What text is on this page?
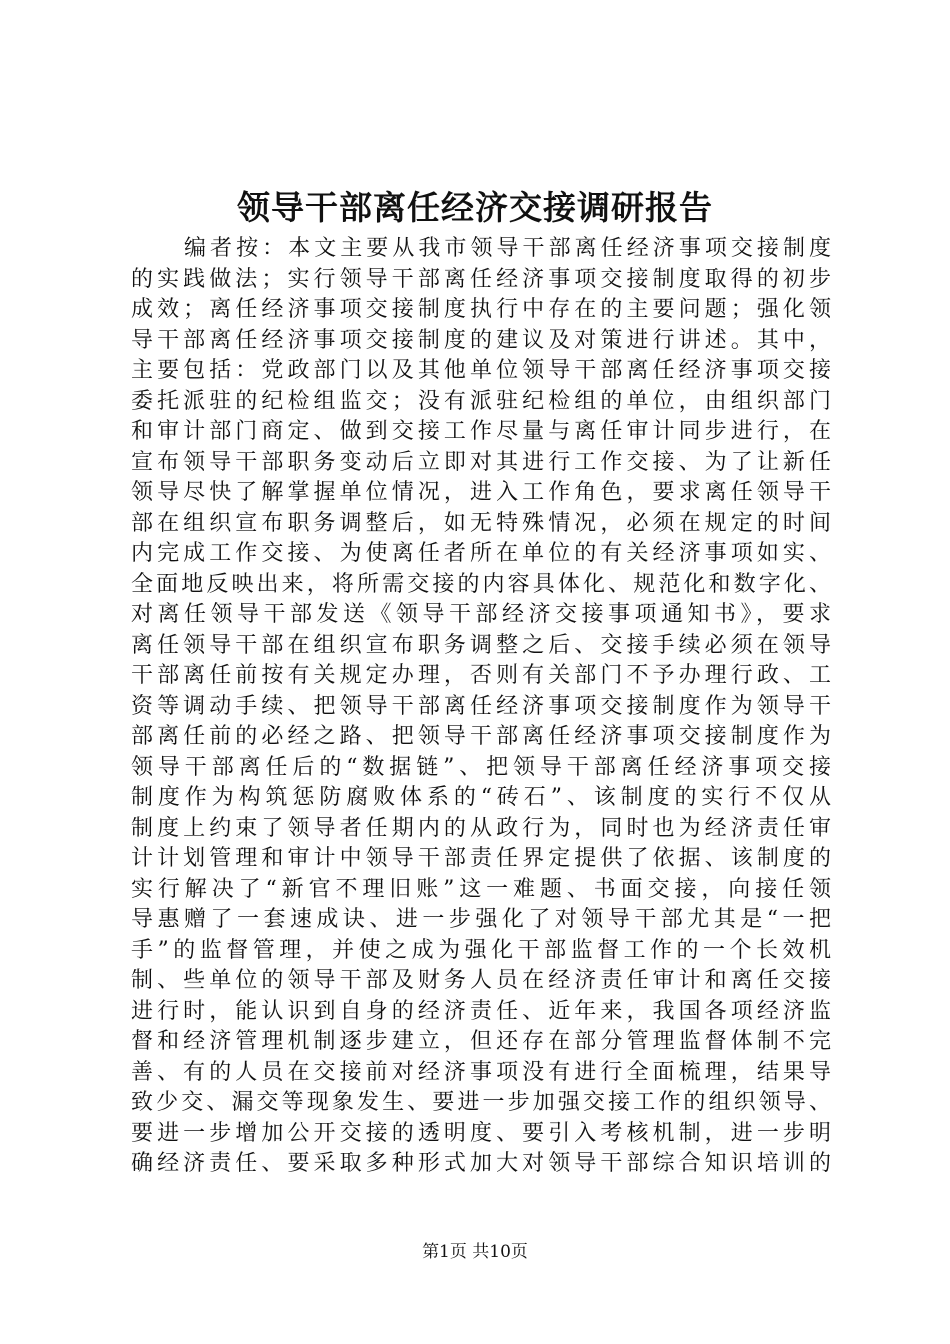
领导干部离任经济交接调研报告
编者按：本文主要从我市领导干部离任经济事项交接制度
的实践做法；实行领导干部离任经济事项交接制度取得的初步
成效；离任经济事项交接制度执行中存在的主要问题；强化领
导干部离任经济事项交接制度的建议及对策进行讲述。其中，
主要包括：党政部门以及其他单位领导干部离任经济事项交接
委托派驻的纪检组监交；没有派驻纪检组的单位，由组织部门
和审计部门商定、做到交接工作尽量与离任审计同步进行，在
宣布领导干部职务变动后立即对其进行工作交接、为了让新任
领导尽快了解掌握单位情况，进入工作角色，要求离任领导干
部在组织宣布职务调整后，如无特殊情况，必须在规定的时间
内完成工作交接、为使离任者所在单位的有关经济事项如实、
全面地反映出来，将所需交接的内容具体化、规范化和数字化、
对离任领导干部发送《领导干部经济交接事项通知书》，要求
离任领导干部在组织宣布职务调整之后、交接手续必须在领导
干部离任前按有关规定办理，否则有关部门不予办理行政、工
资等调动手续、把领导干部离任经济事项交接制度作为领导干
部离任前的必经之路、把领导干部离任经济事项交接制度作为
领导干部离任后的“数据链”、把领导干部离任经济事项交接
制度作为构筑惩防腐败体系的“砖石”、该制度的实行不仅从
制度上约束了领导者任期内的从政行为，同时也为经济责任审
计计划管理和审计中领导干部责任界定提供了依据、该制度的
实行解决了“新官不理旧账”这一难题、书面交接，向接任领
导惠赠了一套速成诀、进一步强化了对领导干部尤其是“一把
手”的监督管理，并使之成为强化干部监督工作的一个长效机
制、些单位的领导干部及财务人员在经济责任审计和离任交接
进行时，能认识到自身的经济责任、近年来，我国各项经济监
督和经济管理机制逐步建立，但还存在部分管理监督体制不完
善、有的人员在交接前对经济事项没有进行全面梳理，结果导
致少交、漏交等现象发生、要进一步加强交接工作的组织领导、
要进一步增加公开交接的透明度、要引入考核机制，进一步明
确经济责任、要采取多种形式加大对领导干部综合知识培训的
第1页 共10页
